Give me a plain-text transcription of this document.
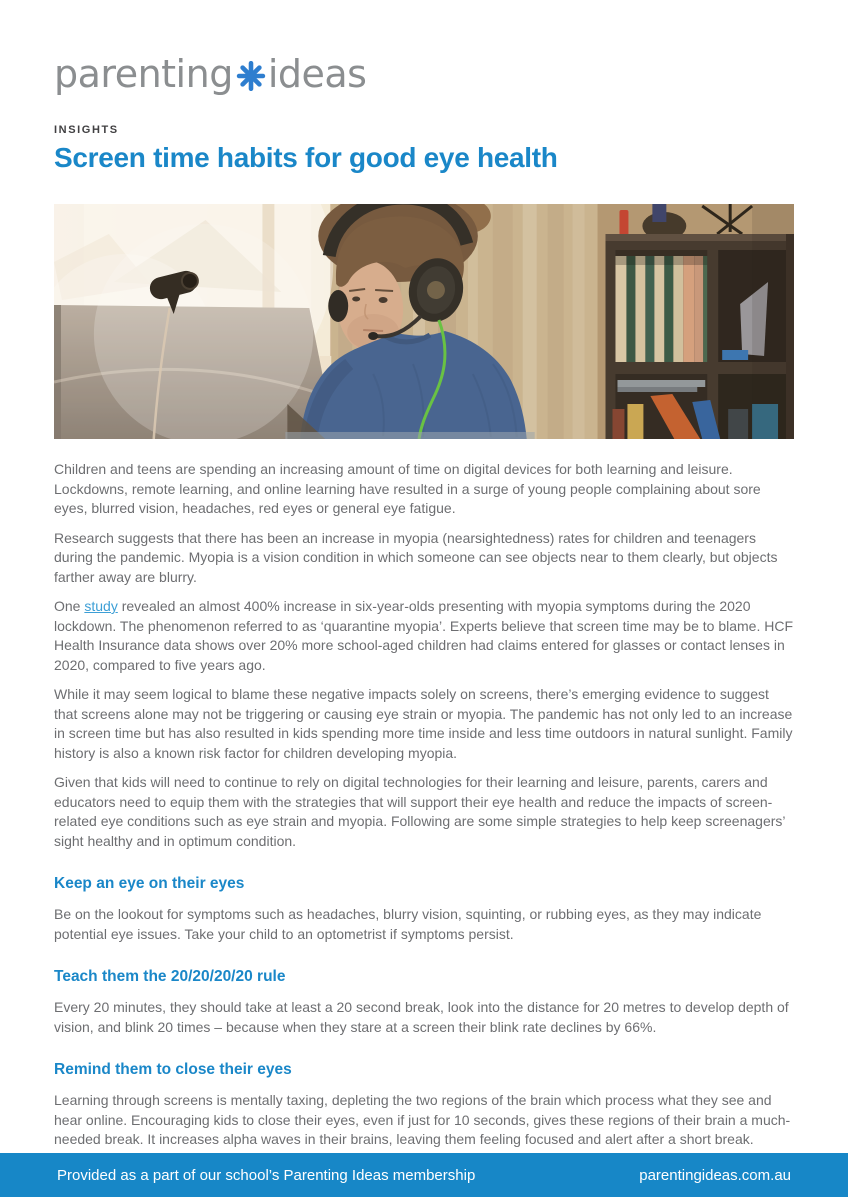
parenting ideas
INSIGHTS
Screen time habits for good eye health

Children and teens are spending an increasing amount of time on digital devices for both learning and leisure. Lockdowns, remote learning, and online learning have resulted in a surge of young people complaining about sore eyes, blurred vision, headaches, red eyes or general eye fatigue.

Research suggests that there has been an increase in myopia (nearsightedness) rates for children and teenagers during the pandemic. Myopia is a vision condition in which someone can see objects near to them clearly, but objects farther away are blurry.

One study revealed an almost 400% increase in six-year-olds presenting with myopia symptoms during the 2020 lockdown. The phenomenon referred to as ‘quarantine myopia’. Experts believe that screen time may be to blame. HCF Health Insurance data shows over 20% more school-aged children had claims entered for glasses or contact lenses in 2020, compared to five years ago.

While it may seem logical to blame these negative impacts solely on screens, there’s emerging evidence to suggest that screens alone may not be triggering or causing eye strain or myopia. The pandemic has not only led to an increase in screen time but has also resulted in kids spending more time inside and less time outdoors in natural sunlight. Family history is also a known risk factor for children developing myopia.

Given that kids will need to continue to rely on digital technologies for their learning and leisure, parents, carers and educators need to equip them with the strategies that will support their eye health and reduce the impacts of screen-related eye conditions such as eye strain and myopia. Following are some simple strategies to help keep screenagers’ sight healthy and in optimum condition.

Keep an eye on their eyes

Be on the lookout for symptoms such as headaches, blurry vision, squinting, or rubbing eyes, as they may indicate potential eye issues. Take your child to an optometrist if symptoms persist.

Teach them the 20/20/20/20 rule

Every 20 minutes, they should take at least a 20 second break, look into the distance for 20 metres to develop depth of vision, and blink 20 times – because when they stare at a screen their blink rate declines by 66%.

Remind them to close their eyes

Learning through screens is mentally taxing, depleting the two regions of the brain which process what they see and hear online. Encouraging kids to close their eyes, even if just for 10 seconds, gives these regions of their brain a much-needed break. It increases alpha waves in their brains, leaving them feeling focused and alert after a short break.

Provided as a part of our school’s Parenting Ideas membership	parentingideas.com.au
